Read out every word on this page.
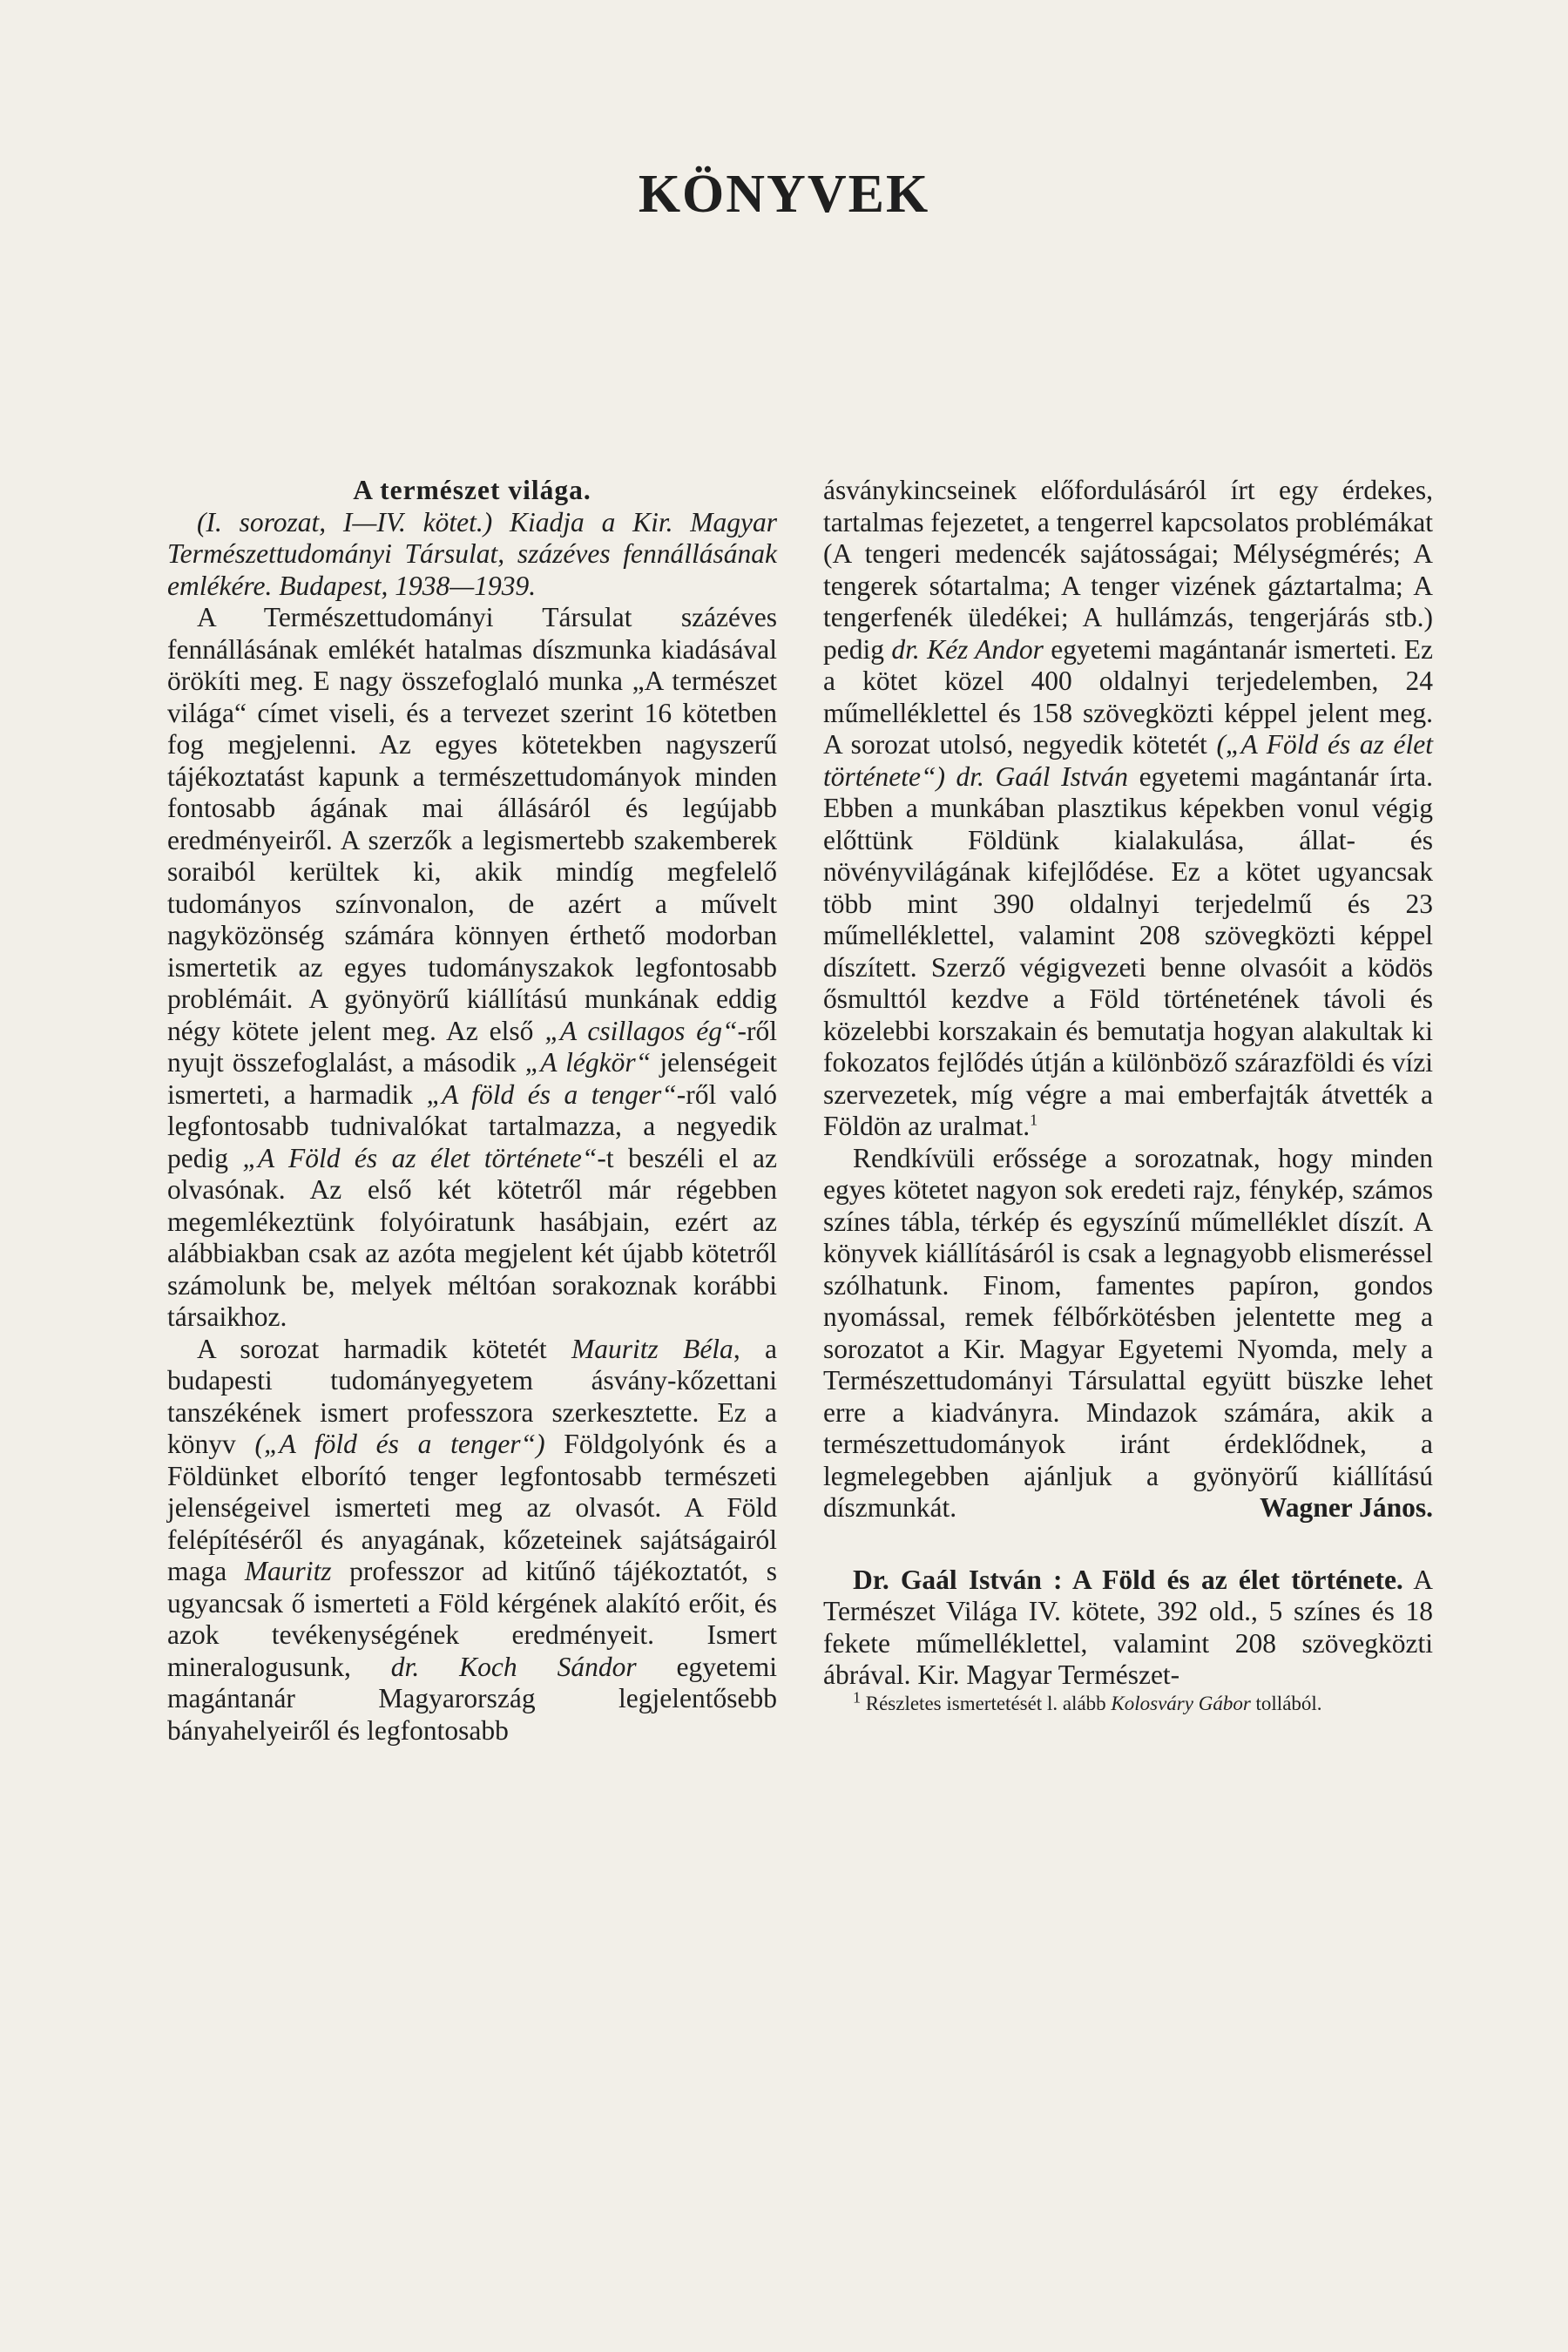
KÖNYVEK

A természet világa.

(I. sorozat, I—IV. kötet.) Kiadja a Kir. Magyar Természettudományi Társulat, százéves fennállásának emlékére. Budapest, 1938—1939.

A Természettudományi Társulat százéves fennállásának emlékét hatalmas díszmunka kiadásával örökíti meg. E nagy összefoglaló munka „A természet világa“ címet viseli, és a tervezet szerint 16 kötetben fog megjelenni. Az egyes kötetekben nagyszerű tájékoztatást kapunk a természettudományok minden fontosabb ágának mai állásáról és legújabb eredményeiről. A szerzők a legismertebb szakemberek soraiból kerültek ki, akik mindíg megfelelő tudományos színvonalon, de azért a művelt nagyközönség számára könnyen érthető modorban ismertetik az egyes tudományszakok legfontosabb problémáit. A gyönyörű kiállítású munkának eddig négy kötete jelent meg. Az első „A csillagos ég“-ről nyujt összefoglalást, a második „A légkör“ jelenségeit ismerteti, a harmadik „A föld és a tenger“-ről való legfontosabb tudnivalókat tartalmazza, a negyedik pedig „A Föld és az élet története“-t beszéli el az olvasónak. Az első két kötetről már régebben megemlékeztünk folyóiratunk hasábjain, ezért az alábbiakban csak az azóta megjelent két újabb kötetről számolunk be, melyek méltóan sorakoznak korábbi társaikhoz.

A sorozat harmadik kötetét Mauritz Béla, a budapesti tudományegyetem ásvány-kőzettani tanszékének ismert professzora szerkesztette. Ez a könyv („A föld és a tenger“) Földgolyónk és a Földünket elborító tenger legfontosabb természeti jelenségeivel ismerteti meg az olvasót. A Föld felépítéséről és anyagának, kőzeteinek sajátságairól maga Mauritz professzor ad kitűnő tájékoztatót, s ugyancsak ő ismerteti a Föld kérgének alakító erőit, és azok tevékenységének eredményeit. Ismert mineralogusunk, dr. Koch Sándor egyetemi magántanár Magyarország legjelentősebb bányahelyeiről és legfontosabb

ásványkincseinek előfordulásáról írt egy érdekes, tartalmas fejezetet, a tengerrel kapcsolatos problémákat (A tengeri medencék sajátosságai; Mélységmérés; A tengerek sótartalma; A tenger vizének gáztartalma; A tengerfenék üledékei; A hullámzás, tengerjárás stb.) pedig dr. Kéz Andor egyetemi magántanár ismerteti. Ez a kötet közel 400 oldalnyi terjedelemben, 24 műmelléklettel és 158 szövegközti képpel jelent meg. A sorozat utolsó, negyedik kötetét („A Föld és az élet története“) dr. Gaál István egyetemi magántanár írta. Ebben a munkában plasztikus képekben vonul végig előttünk Földünk kialakulása, állat- és növényvilágának kifejlődése. Ez a kötet ugyancsak több mint 390 oldalnyi terjedelmű és 23 műmelléklettel, valamint 208 szövegközti képpel díszített. Szerző végigvezeti benne olvasóit a ködös ősmulttól kezdve a Föld történetének távoli és közelebbi korszakain és bemutatja hogyan alakultak ki fokozatos fejlődés útján a különböző szárazföldi és vízi szervezetek, míg végre a mai emberfajták átvették a Földön az uralmat.$^1$

Rendkívüli erőssége a sorozatnak, hogy minden egyes kötetet nagyon sok eredeti rajz, fénykép, számos színes tábla, térkép és egyszínű műmelléklet díszít. A könyvek kiállításáról is csak a legnagyobb elismeréssel szólhatunk. Finom, famentes papíron, gondos nyomással, remek félbőrkötésben jelentette meg a sorozatot a Kir. Magyar Egyetemi Nyomda, mely a Természettudományi Társulattal együtt büszke lehet erre a kiadványra. Mindazok számára, akik a természettudományok iránt érdeklődnek, a legmelegebben ajánljuk a gyönyörű kiállítású díszmunkát.	Wagner János.

Dr. Gaál István : A Föld és az élet története. A Természet Világa IV. kötete, 392 old., 5 színes és 18 fekete műmelléklettel, valamint 208 szövegközti ábrával. Kir. Magyar Természet-

$^1$ Részletes ismertetését l. alább Kolosváry Gábor tollából.
